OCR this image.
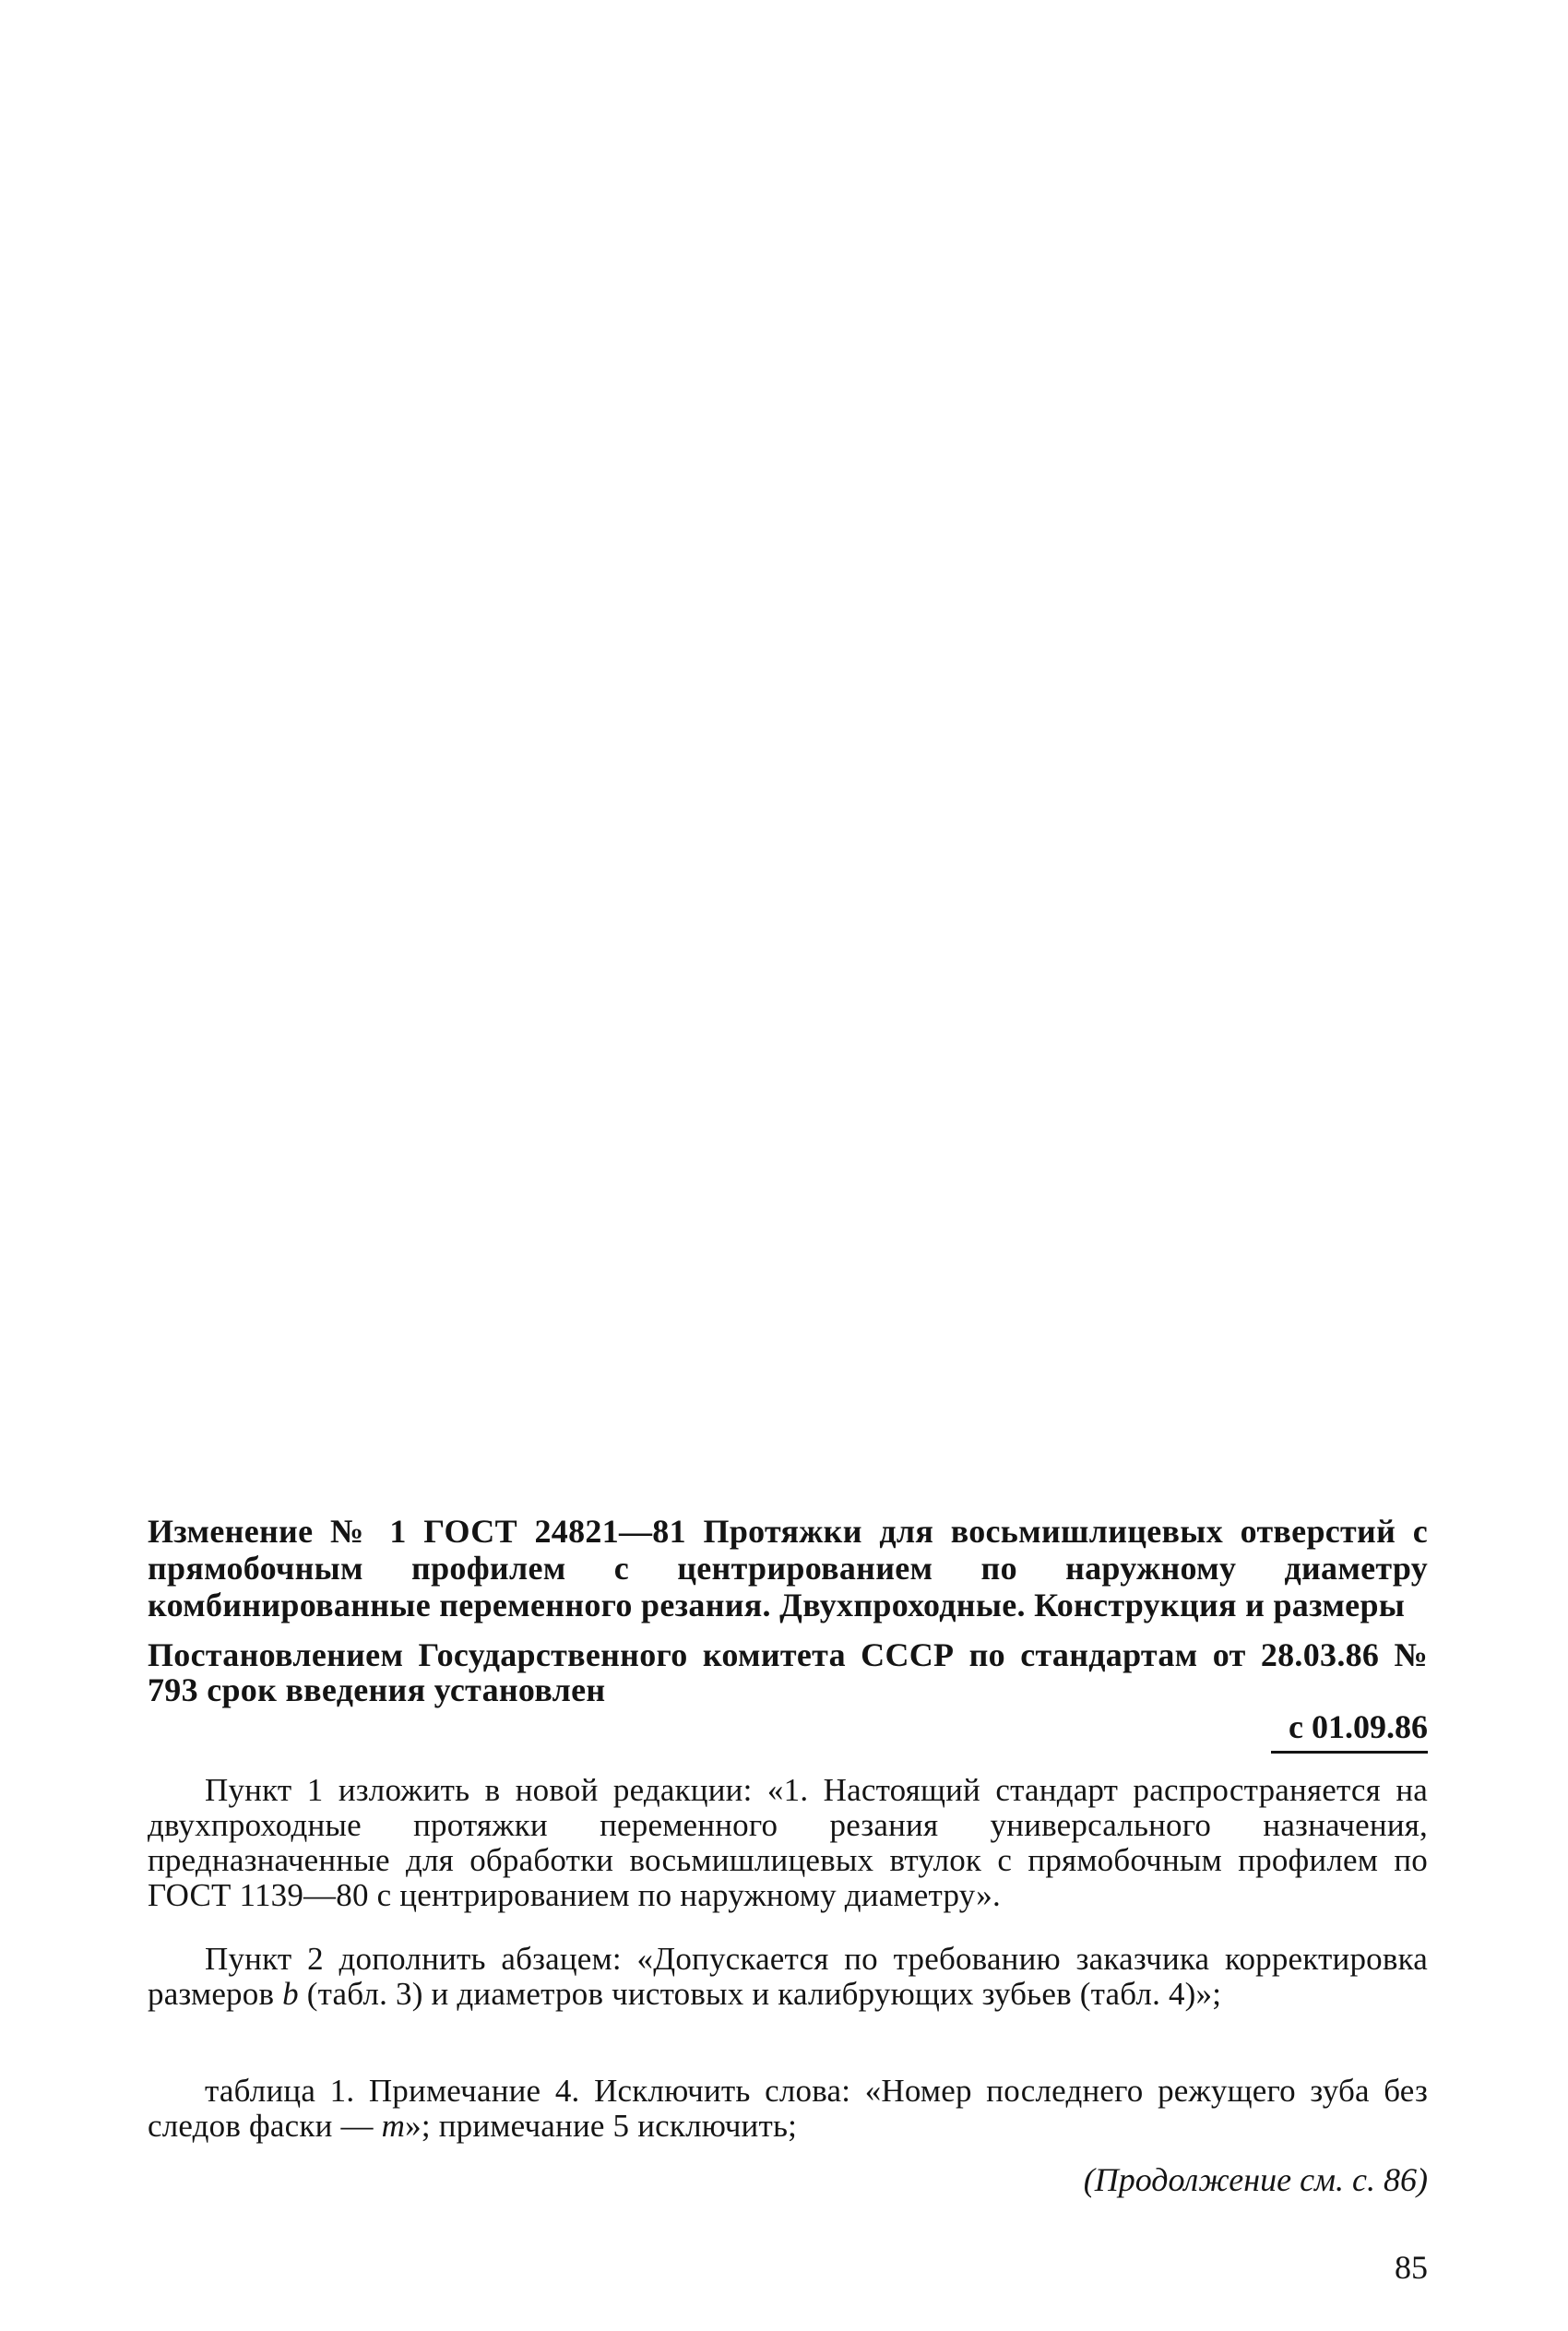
Изменение № 1 ГОСТ 24821—81 Протяжки для восьмишлицевых отверстий с прямобочным профилем с центрированием по наружному диаметру комбинированные переменного резания. Двухпроходные. Конструкция и размеры
Постановлением Государственного комитета СССР по стандартам от 28.03.86 № 793 срок введения установлен
с 01.09.86
Пункт 1 изложить в новой редакции: «1. Настоящий стандарт распространяется на двухпроходные протяжки переменного резания универсального назначения, предназначенные для обработки восьмишлицевых втулок с прямобочным профилем по ГОСТ 1139—80 с центрированием по наружному диаметру».
Пункт 2 дополнить абзацем: «Допускается по требованию заказчика корректировка размеров b (табл. 3) и диаметров чистовых и калибрующих зубьев (табл. 4)»;
таблица 1. Примечание 4. Исключить слова: «Номер последнего режущего зуба без следов фаски — m»; примечание 5 исключить;
(Продолжение см. с. 86)
85
